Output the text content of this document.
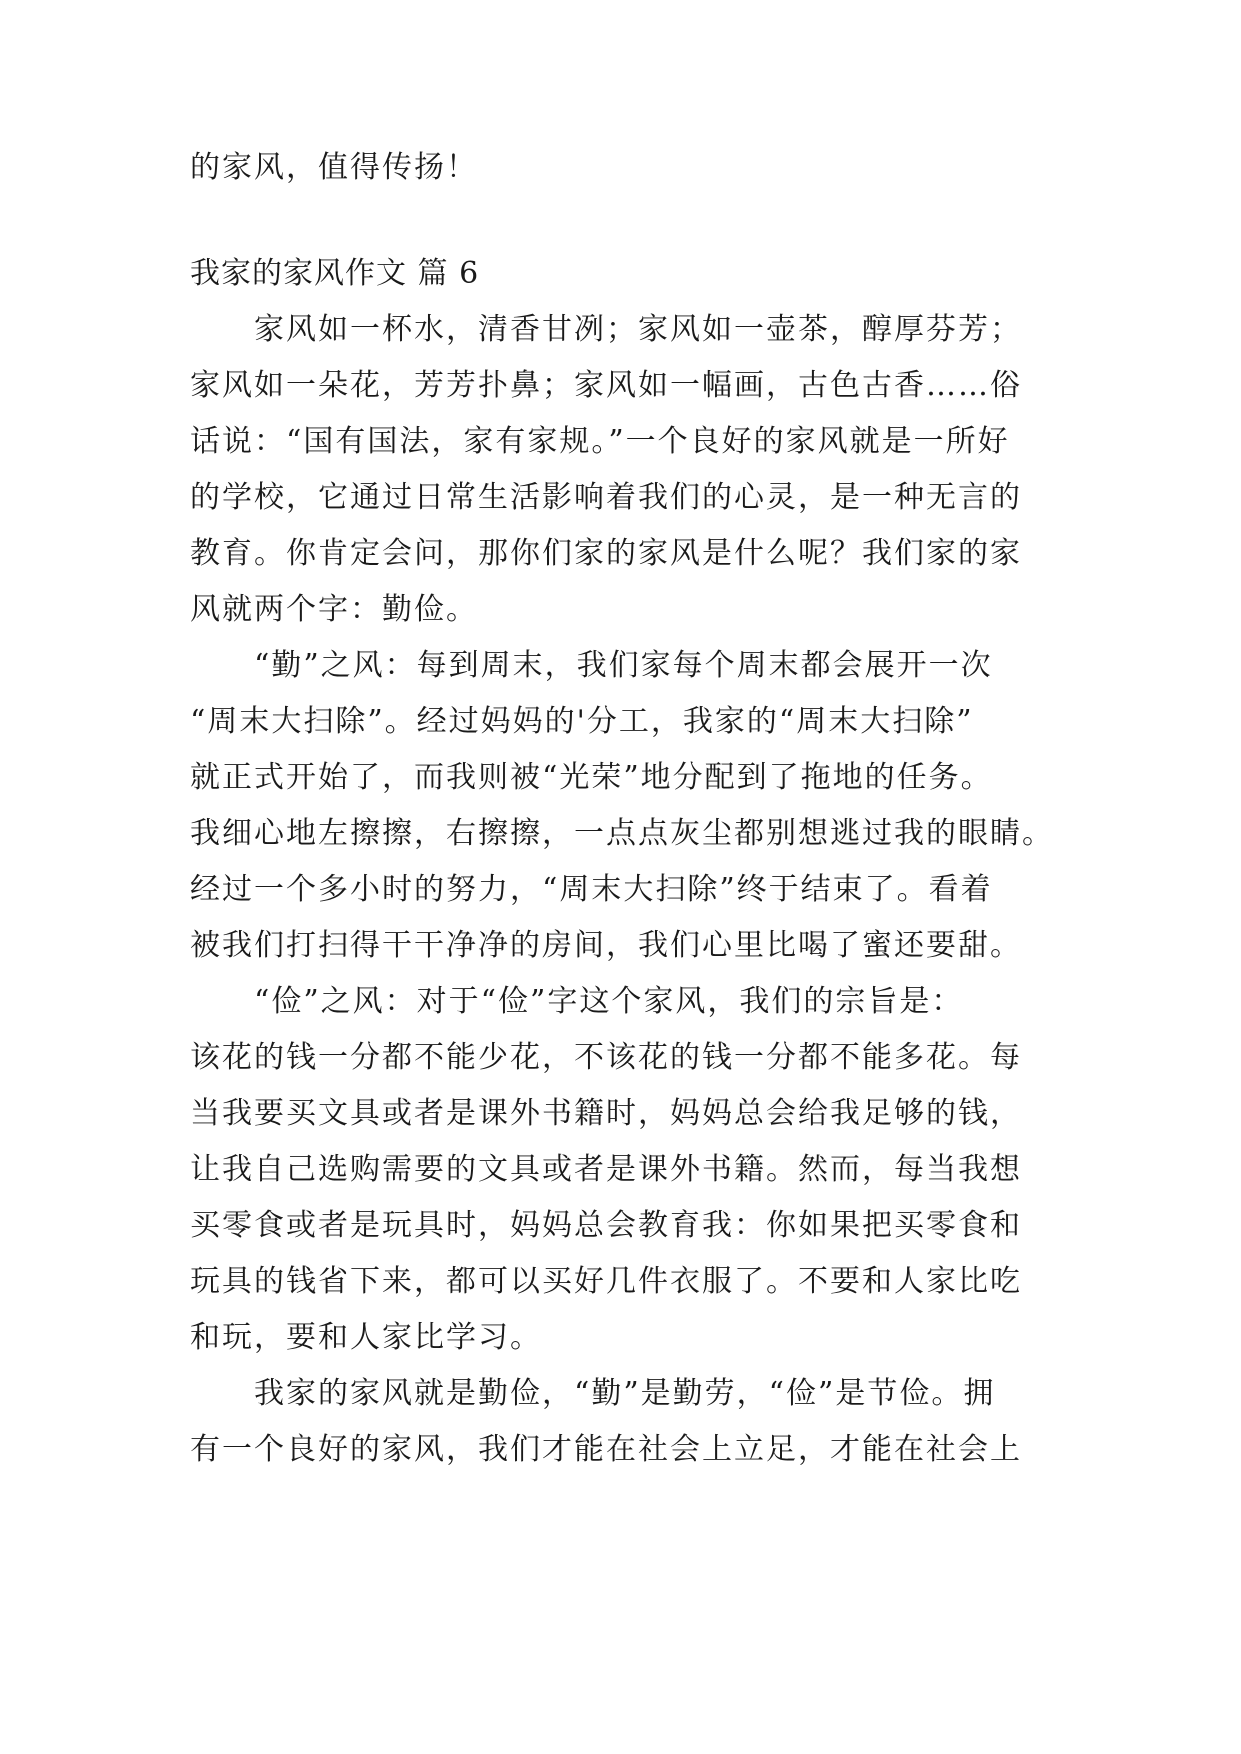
的家风，值得传扬！
我家的家风作文 篇 6
　　家风如一杯水，清香甘冽；家风如一壶茶，醇厚芬芳；
家风如一朵花，芳芳扑鼻；家风如一幅画，古色古香……俗
话说：“国有国法，家有家规。”一个良好的家风就是一所好
的学校，它通过日常生活影响着我们的心灵，是一种无言的
教育。你肯定会问，那你们家的家风是什么呢？我们家的家
风就两个字：勤俭。
　　“勤”之风：每到周末，我们家每个周末都会展开一次
“周末大扫除”。经过妈妈的'分工，我家的“周末大扫除”
就正式开始了，而我则被“光荣”地分配到了拖地的任务。
我细心地左擦擦，右擦擦，一点点灰尘都别想逃过我的眼睛。
经过一个多小时的努力，“周末大扫除”终于结束了。看着
被我们打扫得干干净净的房间，我们心里比喝了蜜还要甜。
　　“俭”之风：对于“俭”字这个家风，我们的宗旨是：
该花的钱一分都不能少花，不该花的钱一分都不能多花。每
当我要买文具或者是课外书籍时，妈妈总会给我足够的钱，
让我自己选购需要的文具或者是课外书籍。然而，每当我想
买零食或者是玩具时，妈妈总会教育我：你如果把买零食和
玩具的钱省下来，都可以买好几件衣服了。不要和人家比吃
和玩，要和人家比学习。
　　我家的家风就是勤俭，“勤”是勤劳，“俭”是节俭。拥
有一个良好的家风，我们才能在社会上立足，才能在社会上
